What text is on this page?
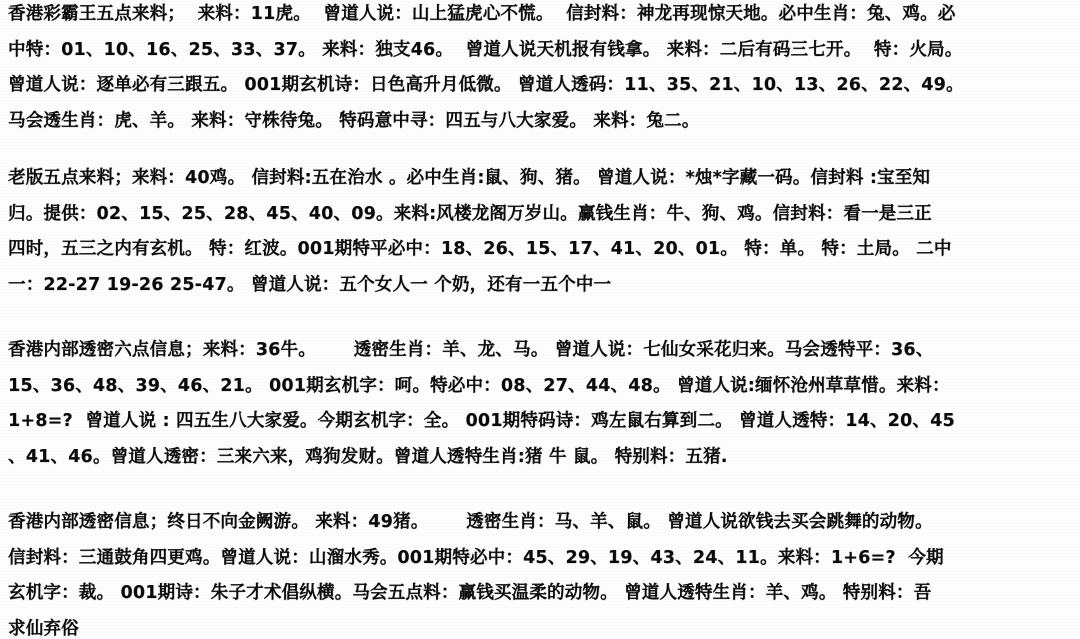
香港彩霸王五点来料；  来料：11虎。  曾道人说：山上猛虎心不慌。  信封料：神龙再现惊天地。必中生肖：兔、鸡。必
中特：01、10、16、25、33、37。 来料：独支46。  曾道人说天机报有钱拿。 来料：二后有码三七开。  特：火局。
曾道人说：逐单必有三跟五。 001期玄机诗：日色高升月低微。 曾道人透码：11、35、21、10、13、26、22、49。
马会透生肖：虎、羊。 来料：守株待兔。 特码意中寻：四五与八大家爱。 来料：兔二。
老版五点来料；来料：40鸡。 信封料:五在治水 。必中生肖:鼠、狗、猪。 曾道人说：*烛*字藏一码。信封料 :宝至知
归。提供：02、15、25、28、45、40、09。来料:风楼龙阁万岁山。赢钱生肖：牛、狗、鸡。信封料：看一是三正
四时，五三之内有玄机。 特：红波。001期特平必中：18、26、15、17、41、20、01。 特：单。 特：土局。 二中
一：22-27 19-26 25-47。 曾道人说：五个女人一 个奶，还有一五个中一
香港内部透密六点信息；来料：36牛。      透密生肖：羊、龙、马。 曾道人说：七仙女采花归来。马会透特平：36、
15、36、48、39、46、21。 001期玄机字：呵。特必中：08、27、44、48。 曾道人说:缅怀沧州草草惜。来料：
1+8=?  曾道人说 : 四五生八大家爱。今期玄机字：全。 001期特码诗：鸡左鼠右算到二。 曾道人透特：14、20、45
、41、46。曾道人透密：三来六来，鸡狗发财。曾道人透特生肖:猪 牛 鼠。 特别料：五猪.
香港内部透密信息；终日不向金阙游。 来料：49猪。      透密生肖：马、羊、鼠。 曾道人说欲钱去买会跳舞的动物。
信封料：三通鼓角四更鸡。曾道人说：山溜水秀。001期特必中：45、29、19、43、24、11。来料：1+6=?  今期
玄机字：裁。 001期诗：朱子才术倡纵横。马会五点料：赢钱买温柔的动物。 曾道人透特生肖：羊、鸡。 特别料：吾
求仙弃俗
